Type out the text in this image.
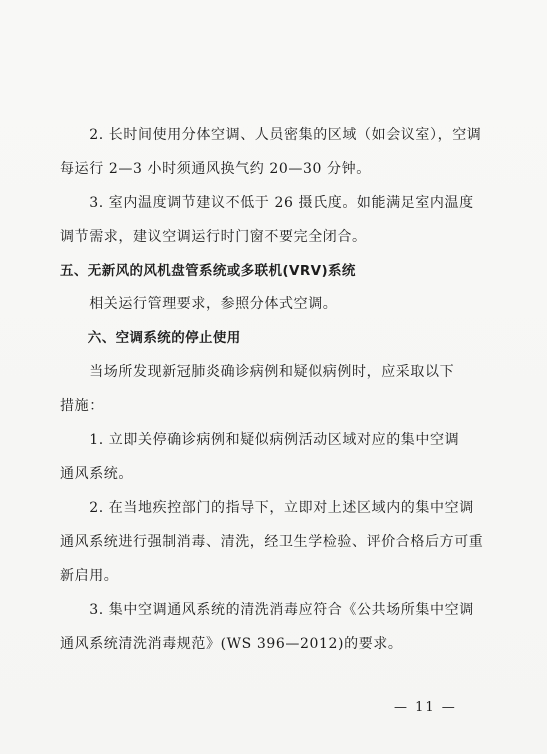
　　2. 长时间使用分体空调、人员密集的区域（如会议室），空调
每运行 2—3 小时须通风换气约 20—30 分钟。
　　3. 室内温度调节建议不低于 26 摄氏度。如能满足室内温度
调节需求，建议空调运行时门窗不要完全闭合。
五、无新风的风机盘管系统或多联机(VRV)系统
　　相关运行管理要求，参照分体式空调。
　　六、空调系统的停止使用
　　当场所发现新冠肺炎确诊病例和疑似病例时，应采取以下
措施：
　　1. 立即关停确诊病例和疑似病例活动区域对应的集中空调
通风系统。
　　2. 在当地疾控部门的指导下，立即对上述区域内的集中空调
通风系统进行强制消毒、清洗，经卫生学检验、评价合格后方可重
新启用。
　　3. 集中空调通风系统的清洗消毒应符合《公共场所集中空调
通风系统清洗消毒规范》(WS 396—2012)的要求。
— 11 —
